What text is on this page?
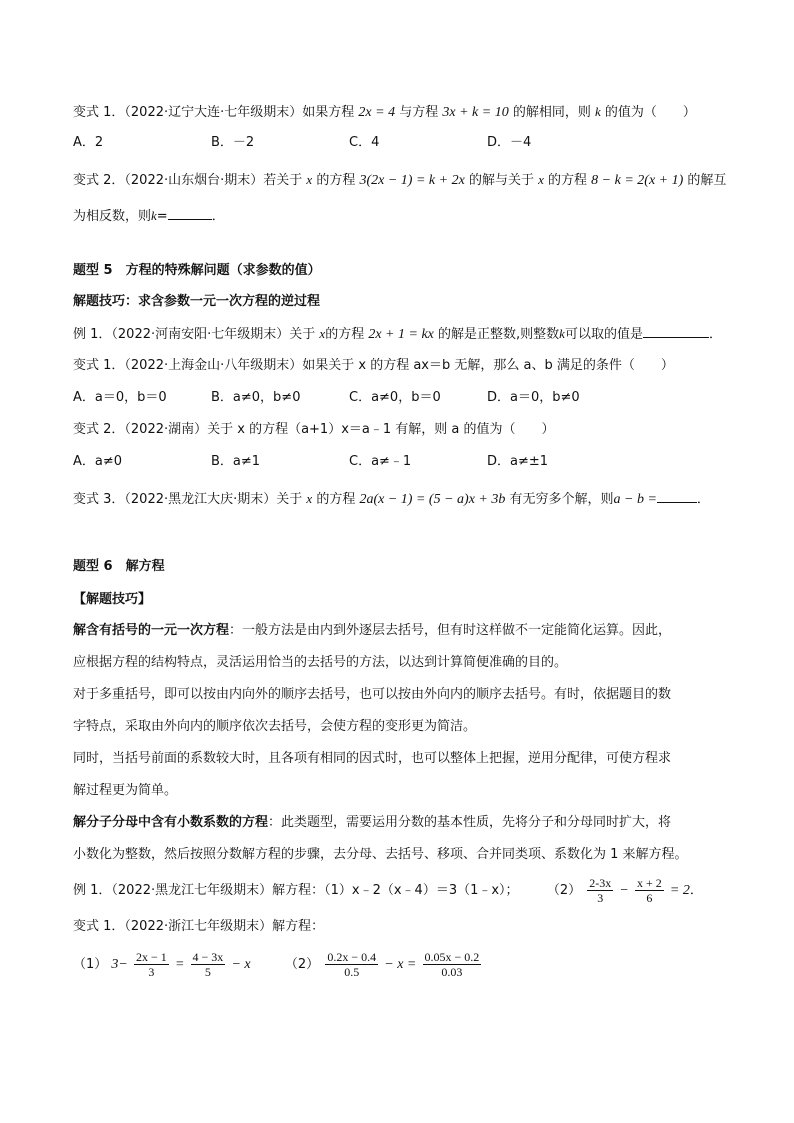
变式 1．（2022·辽宁大连·七年级期末）如果方程 2x = 4 与方程 3x + k = 10 的解相同，则 k 的值为（　　）
A．2	B．－2	C．4	D．－4
变式 2．（2022·山东烟台·期末）若关于 x 的方程 3(2x − 1) = k + 2x 的解与关于 x 的方程 8 − k = 2(x + 1) 的解互
为相反数，则k=	．
题型 5　方程的特殊解问题（求参数的值）
解题技巧：求含参数一元一次方程的逆过程
例 1．（2022·河南安阳·七年级期末）关于 x的方程 2x + 1 = kx 的解是正整数,则整数k可以取的值是	．
变式 1．（2022·上海金山·八年级期末）如果关于 x 的方程 ax＝b 无解，那么 a、b 满足的条件（　　）
A．a＝0，b＝0	B．a≠0，b≠0	C．a≠0，b＝0	D．a＝0，b≠0
变式 2．（2022·湖南）关于 x 的方程（a+1）x＝a﹣1 有解，则 a 的值为（　　）
A．a≠0	B．a≠1	C．a≠﹣1	D．a≠±1
变式 3．（2022·黑龙江大庆·期末）关于 x 的方程 2a(x − 1) = (5 − a)x + 3b 有无穷多个解，则a − b =	．
题型 6　解方程
【解题技巧】
解含有括号的一元一次方程：一般方法是由内到外逐层去括号，但有时这样做不一定能简化运算。因此，
应根据方程的结构特点，灵活运用恰当的去括号的方法，以达到计算简便准确的目的。
对于多重括号，即可以按由内向外的顺序去括号，也可以按由外向内的顺序去括号。有时，依据题目的数
字特点，采取由外向内的顺序依次去括号，会使方程的变形更为简洁。
同时，当括号前面的系数较大时，且各项有相同的因式时，也可以整体上把握，逆用分配律，可使方程求
解过程更为简单。
解分子分母中含有小数系数的方程：此类题型，需要运用分数的基本性质，先将分子和分母同时扩大，将
小数化为整数，然后按照分数解方程的步骤，去分母、去括号、移项、合并同类项、系数化为 1 来解方程。
例 1．（2022·黑龙江七年级期末）解方程：（1）x﹣2（x﹣4）＝3（1﹣x）； $(2) \frac{2-3x}{3} - \frac{x + 2}{6} = 2$．
变式 1．（2022·浙江七年级期末）解方程：
（1） $3- \frac{2x - 1}{3} = \frac{4 - 3x}{5} - x$	$(2) \frac{0.2x - 0.4}{0.5} - x = \frac{0.05x - 0.2}{0.03}$
